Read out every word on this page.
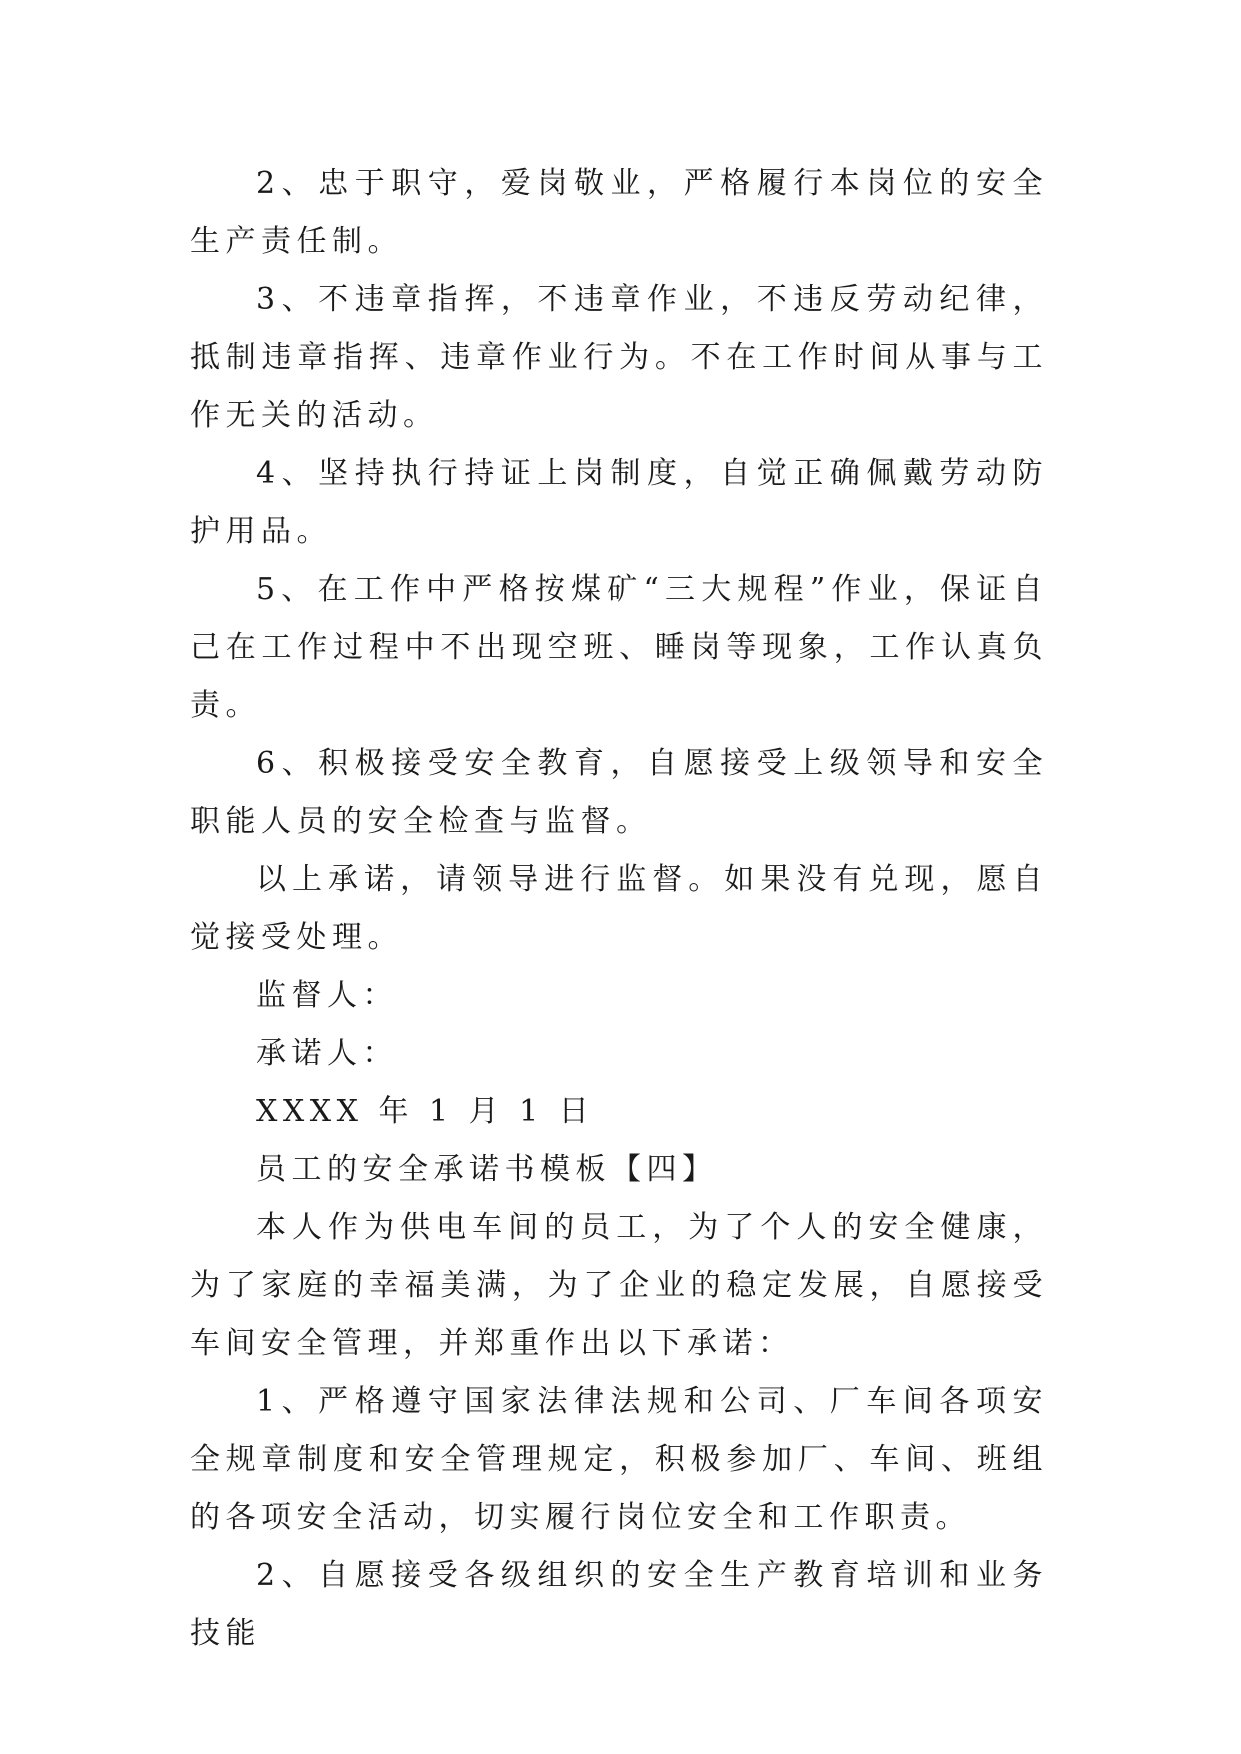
2、忠于职守，爱岗敬业，严格履行本岗位的安全生产责任制。

3、不违章指挥，不违章作业，不违反劳动纪律，抵制违章指挥、违章作业行为。不在工作时间从事与工作无关的活动。

4、坚持执行持证上岗制度，自觉正确佩戴劳动防护用品。

5、在工作中严格按煤矿“三大规程”作业，保证自己在工作过程中不出现空班、睡岗等现象，工作认真负责。

6、积极接受安全教育，自愿接受上级领导和安全职能人员的安全检查与监督。

以上承诺，请领导进行监督。如果没有兑现，愿自觉接受处理。

监督人：

承诺人：

XXXX 年 1 月 1 日

员工的安全承诺书模板【四】

本人作为供电车间的员工，为了个人的安全健康，为了家庭的幸福美满，为了企业的稳定发展，自愿接受车间安全管理，并郑重作出以下承诺：

1、严格遵守国家法律法规和公司、厂车间各项安全规章制度和安全管理规定，积极参加厂、车间、班组的各项安全活动，切实履行岗位安全和工作职责。

2、自愿接受各级组织的安全生产教育培训和业务技能
